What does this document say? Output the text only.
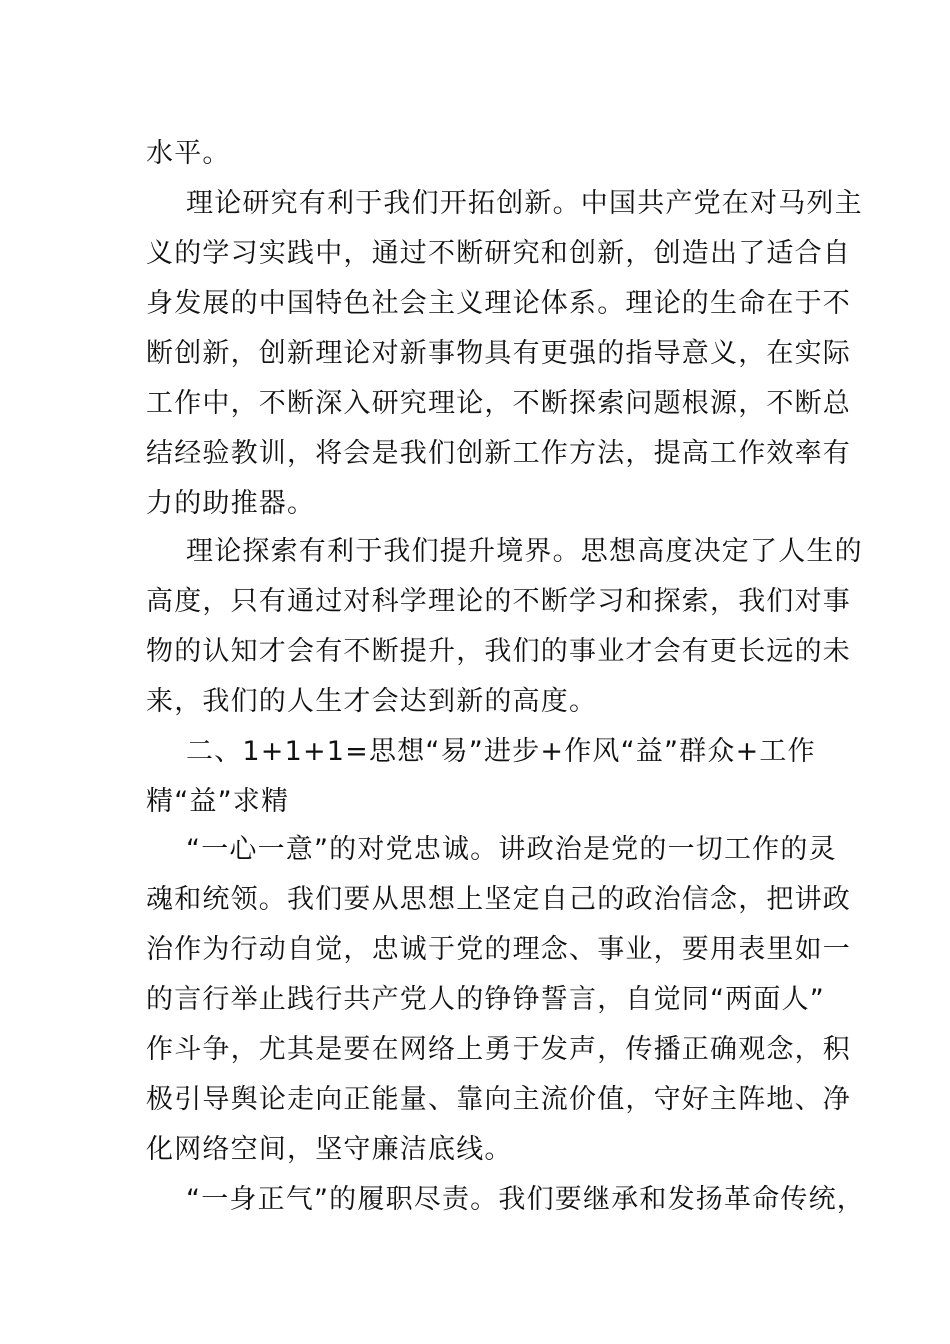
水平。
理论研究有利于我们开拓创新。中国共产党在对马列主
义的学习实践中，通过不断研究和创新，创造出了适合自
身发展的中国特色社会主义理论体系。理论的生命在于不
断创新，创新理论对新事物具有更强的指导意义，在实际
工作中，不断深入研究理论，不断探索问题根源，不断总
结经验教训，将会是我们创新工作方法，提高工作效率有
力的助推器。
理论探索有利于我们提升境界。思想高度决定了人生的
高度，只有通过对科学理论的不断学习和探索，我们对事
物的认知才会有不断提升，我们的事业才会有更长远的未
来，我们的人生才会达到新的高度。
二、1+1+1=思想“易”进步+作风“益”群众+工作
精“益”求精
“一心一意”的对党忠诚。讲政治是党的一切工作的灵
魂和统领。我们要从思想上坚定自己的政治信念，把讲政
治作为行动自觉，忠诚于党的理念、事业，要用表里如一
的言行举止践行共产党人的铮铮誓言，自觉同“两面人”
作斗争，尤其是要在网络上勇于发声，传播正确观念，积
极引导舆论走向正能量、靠向主流价值，守好主阵地、净
化网络空间，坚守廉洁底线。
“一身正气”的履职尽责。我们要继承和发扬革命传统，
